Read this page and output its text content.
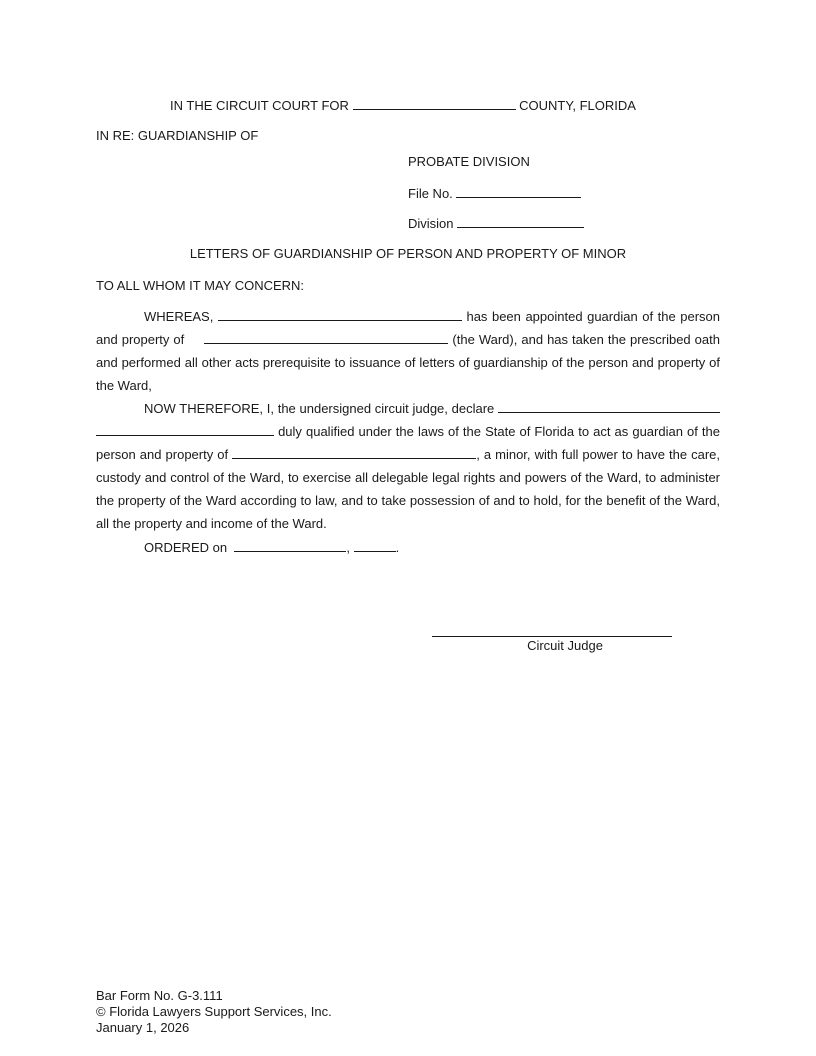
IN THE CIRCUIT COURT FOR	COUNTY, FLORIDA
IN RE: GUARDIANSHIP OF
PROBATE DIVISION
File No.
Division
LETTERS OF GUARDIANSHIP OF PERSON AND PROPERTY OF MINOR
TO ALL WHOM IT MAY CONCERN:
WHEREAS,	has been appointed guardian of the person and property of	(the Ward), and has taken the prescribed oath and performed all other acts prerequisite to issuance of letters of guardianship of the person and property of the Ward,
NOW THEREFORE, I, the undersigned circuit judge, declare   duly qualified under the laws of the State of Florida to act as guardian of the person and property of	, a minor, with full power to have the care, custody and control of the Ward, to exercise all delegable legal rights and powers of the Ward, to administer the property of the Ward according to law, and to take possession of and to hold, for the benefit of the Ward, all the property and income of the Ward.
ORDERED on	,	.
Circuit Judge
Bar Form No. G-3.111
© Florida Lawyers Support Services, Inc.
January 1, 2026
